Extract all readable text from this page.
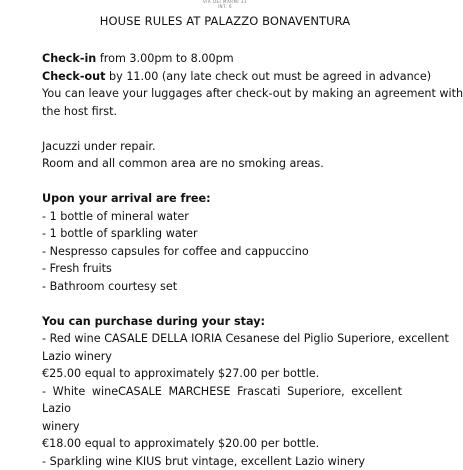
VIA DEI MARMI 33
INT. 6
HOUSE RULES AT PALAZZO BONAVENTURA
Check-in from 3.00pm to 8.00pm
Check-out by 11.00 (any late check out must be agreed in advance)
You can leave your luggages after check-out by making an agreement with
the host first.
Jacuzzi under repair.
Room and all common area are no smoking areas.
Upon your arrival are free:
- 1 bottle of mineral water
- 1 bottle of sparkling water
- Nespresso capsules for coffee and cappuccino
- Fresh fruits
- Bathroom courtesy set
You can purchase during your stay:
- Red wine CASALE DELLA IORIA Cesanese del Piglio Superiore, excellent
Lazio winery
€25.00 equal to approximately $27.00 per bottle.
- White wineCASALE MARCHESE Frascati Superiore, excellent Lazio
winery
€18.00 equal to approximately $20.00 per bottle.
- Sparkling wine KIUS brut vintage, excellent Lazio winery
